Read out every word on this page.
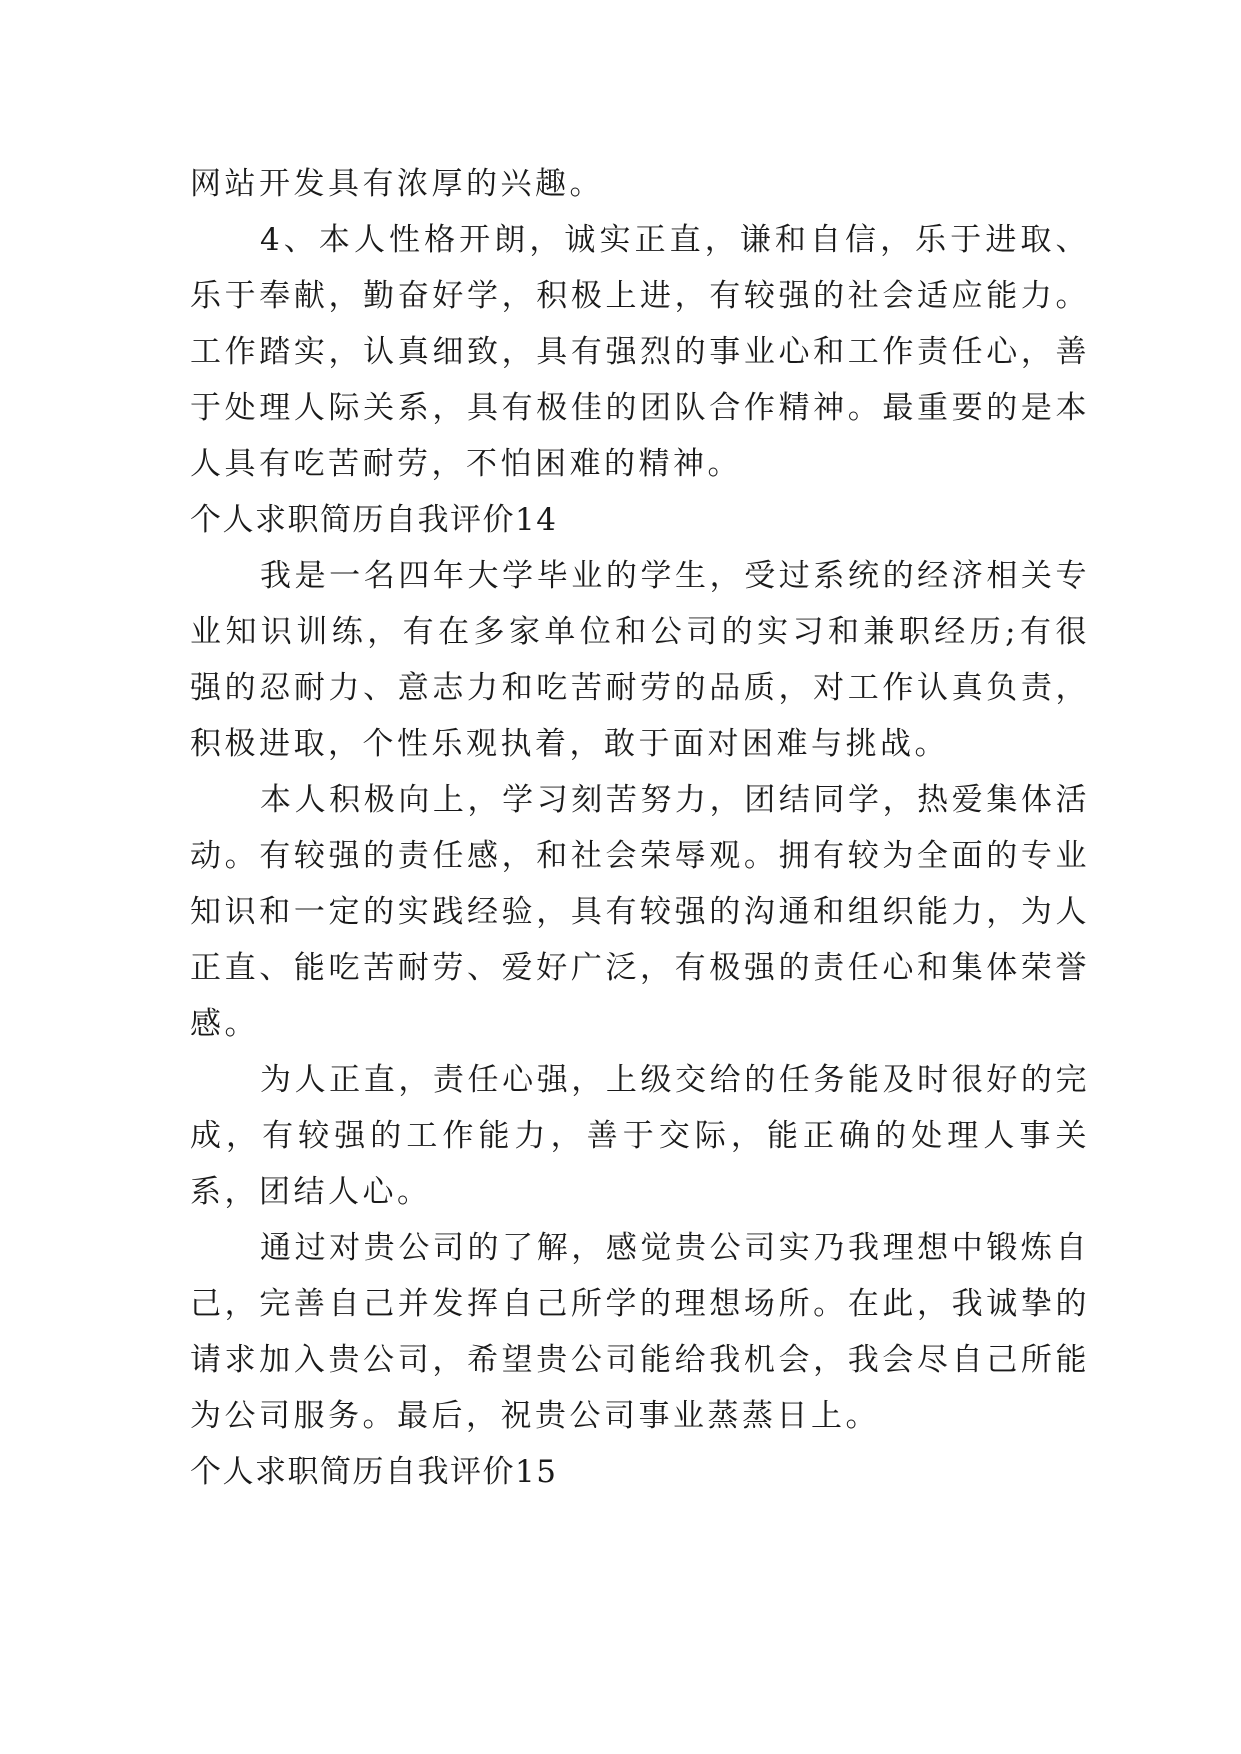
网站开发具有浓厚的兴趣。

4、本人性格开朗，诚实正直，谦和自信，乐于进取、乐于奉献，勤奋好学，积极上进，有较强的社会适应能力。工作踏实，认真细致，具有强烈的事业心和工作责任心，善于处理人际关系，具有极佳的团队合作精神。最重要的是本人具有吃苦耐劳，不怕困难的精神。

个人求职简历自我评价14

我是一名四年大学毕业的学生，受过系统的经济相关专业知识训练，有在多家单位和公司的实习和兼职经历;有很强的忍耐力、意志力和吃苦耐劳的品质，对工作认真负责，积极进取，个性乐观执着，敢于面对困难与挑战。

本人积极向上，学习刻苦努力，团结同学，热爱集体活动。有较强的责任感，和社会荣辱观。拥有较为全面的专业知识和一定的实践经验，具有较强的沟通和组织能力，为人正直、能吃苦耐劳、爱好广泛，有极强的责任心和集体荣誉感。

为人正直，责任心强，上级交给的任务能及时很好的完成，有较强的工作能力，善于交际，能正确的处理人事关系，团结人心。

通过对贵公司的了解，感觉贵公司实乃我理想中锻炼自己，完善自己并发挥自己所学的理想场所。在此，我诚挚的请求加入贵公司，希望贵公司能给我机会，我会尽自己所能为公司服务。最后，祝贵公司事业蒸蒸日上。

个人求职简历自我评价15
